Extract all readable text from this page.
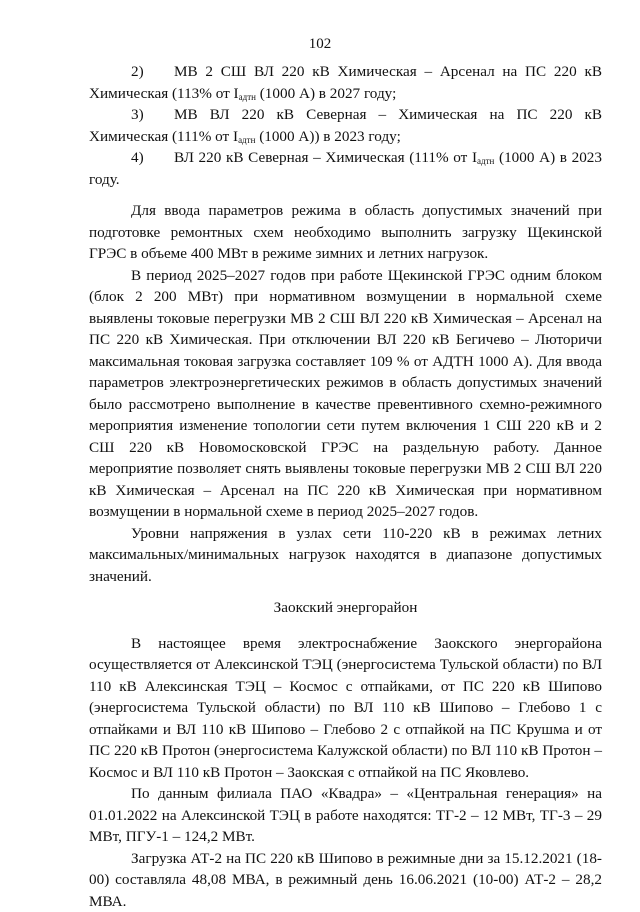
102

2)  МВ 2 СШ ВЛ 220 кВ Химическая – Арсенал на ПС 220 кВ Химическая (113% от $I_{адтн}$ (1000 А) в 2027 году;

3)  МВ ВЛ 220 кВ Северная – Химическая на ПС 220 кВ Химическая (111% от $I_{адтн}$ (1000 А)) в 2023 году;

4)  ВЛ 220 кВ Северная – Химическая (111% от $I_{адтн}$ (1000 А) в 2023 году.

Для ввода параметров режима в область допустимых значений при подготовке ремонтных схем необходимо выполнить загрузку Щекинской ГРЭС в объеме 400 МВт в режиме зимних и летних нагрузок.

В период 2025–2027 годов при работе Щекинской ГРЭС одним блоком (блок 2 200 МВт) при нормативном возмущении в нормальной схеме выявлены токовые перегрузки МВ 2 СШ ВЛ 220 кВ Химическая – Арсенал на ПС 220 кВ Химическая. При отключении ВЛ 220 кВ Бегичево – Люторичи максимальная токовая загрузка составляет 109 % от АДТН 1000 А). Для ввода параметров электроэнергетических режимов в область допустимых значений было рассмотрено выполнение в качестве превентивного схемно-режимного мероприятия изменение топологии сети путем включения 1 СШ 220 кВ и 2 СШ 220 кВ Новомосковской ГРЭС на раздельную работу. Данное мероприятие позволяет снять выявлены токовые перегрузки МВ 2 СШ ВЛ 220 кВ Химическая – Арсенал на ПС 220 кВ Химическая при нормативном возмущении в нормальной схеме в период 2025–2027 годов.

Уровни напряжения в узлах сети 110-220 кВ в режимах летних максимальных/минимальных нагрузок находятся в диапазоне допустимых значений.

Заокский энергорайон

В настоящее время электроснабжение Заокского энергорайона осуществляется от Алексинской ТЭЦ (энергосистема Тульской области) по ВЛ 110 кВ Алексинская ТЭЦ – Космос с отпайками, от ПС 220 кВ Шипово (энергосистема Тульской области) по ВЛ 110 кВ Шипово – Глебово 1 с отпайками и ВЛ 110 кВ Шипово – Глебово 2 с отпайкой на ПС Крушма и от ПС 220 кВ Протон (энергосистема Калужской области) по ВЛ 110 кВ Протон – Космос и ВЛ 110 кВ Протон – Заокская с отпайкой на ПС Яковлево.

По данным филиала ПАО «Квадра» – «Центральная генерация» на 01.01.2022 на Алексинской ТЭЦ в работе находятся: ТГ-2 – 12 МВт, ТГ-3 – 29 МВт, ПГУ-1 – 124,2 МВт.

Загрузка АТ-2 на ПС 220 кВ Шипово в режимные дни за 15.12.2021 (18-00) составляла 48,08 МВА, в режимный день 16.06.2021 (10-00) АТ-2 – 28,2 МВА.
